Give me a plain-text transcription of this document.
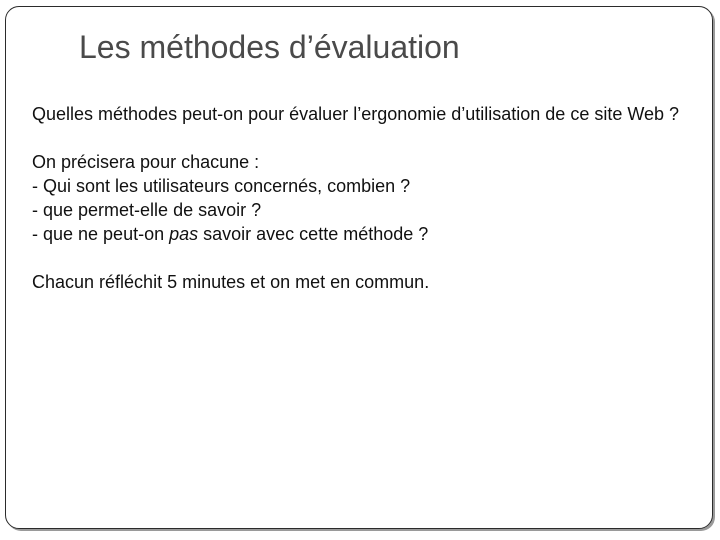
Les méthodes d’évaluation

Quelles méthodes peut-on pour évaluer l’ergonomie d’utilisation de ce site Web ?

On précisera pour chacune :
- Qui sont les utilisateurs concernés, combien ?
- que permet-elle de savoir ?
- que ne peut-on pas savoir avec cette méthode ?

Chacun réfléchit 5 minutes et on met en commun.
